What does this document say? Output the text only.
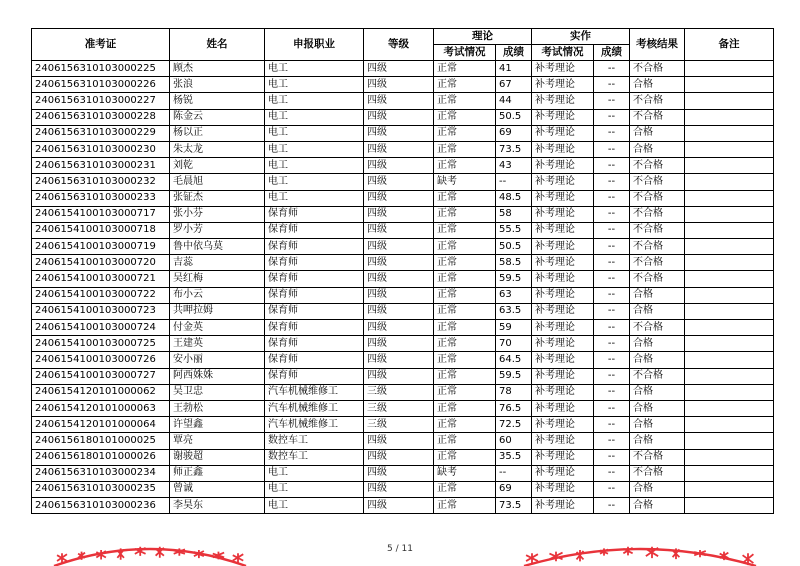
准考证	姓名	申报职业	等级	理论		实作		考核结果	备注
				考试情况	成绩	考试情况	成绩		
2406156310103000225	顾杰	电工	四级	正常	41	补考理论	--	不合格	
2406156310103000226	张浪	电工	四级	正常	67	补考理论	--	合格	
2406156310103000227	杨锐	电工	四级	正常	44	补考理论	--	不合格	
2406156310103000228	陈金云	电工	四级	正常	50.5	补考理论	--	不合格	
2406156310103000229	杨以正	电工	四级	正常	69	补考理论	--	合格	
2406156310103000230	朱太龙	电工	四级	正常	73.5	补考理论	--	合格	
2406156310103000231	刘乾	电工	四级	正常	43	补考理论	--	不合格	
2406156310103000232	毛晨旭	电工	四级	缺考	--	补考理论	--	不合格	
2406156310103000233	张钲杰	电工	四级	正常	48.5	补考理论	--	不合格	
2406154100103000717	张小芬	保育师	四级	正常	58	补考理论	--	不合格	
2406154100103000718	罗小芳	保育师	四级	正常	55.5	补考理论	--	不合格	
2406154100103000719	鲁中依乌莫	保育师	四级	正常	50.5	补考理论	--	不合格	
2406154100103000720	吉蕊	保育师	四级	正常	58.5	补考理论	--	不合格	
2406154100103000721	吴红梅	保育师	四级	正常	59.5	补考理论	--	不合格	
2406154100103000722	布小云	保育师	四级	正常	63	补考理论	--	合格	
2406154100103000723	共呷拉姆	保育师	四级	正常	63.5	补考理论	--	合格	
2406154100103000724	付金英	保育师	四级	正常	59	补考理论	--	不合格	
2406154100103000725	王建英	保育师	四级	正常	70	补考理论	--	合格	
2406154100103000726	安小丽	保育师	四级	正常	64.5	补考理论	--	合格	
2406154100103000727	阿西姝姝	保育师	四级	正常	59.5	补考理论	--	不合格	
2406154120101000062	吴卫忠	汽车机械维修工	三级	正常	78	补考理论	--	合格	
2406154120101000063	王勃松	汽车机械维修工	三级	正常	76.5	补考理论	--	合格	
2406154120101000064	许望鑫	汽车机械维修工	三级	正常	72.5	补考理论	--	合格	
2406156180101000025	覃亮	数控车工	四级	正常	60	补考理论	--	合格	
2406156180101000026	谢骏超	数控车工	四级	正常	35.5	补考理论	--	不合格	
2406156310103000234	师正鑫	电工	四级	缺考	--	补考理论	--	不合格	
2406156310103000235	曾诚	电工	四级	正常	69	补考理论	--	合格	
2406156310103000236	李昊东	电工	四级	正常	73.5	补考理论	--	合格	
5 / 11
